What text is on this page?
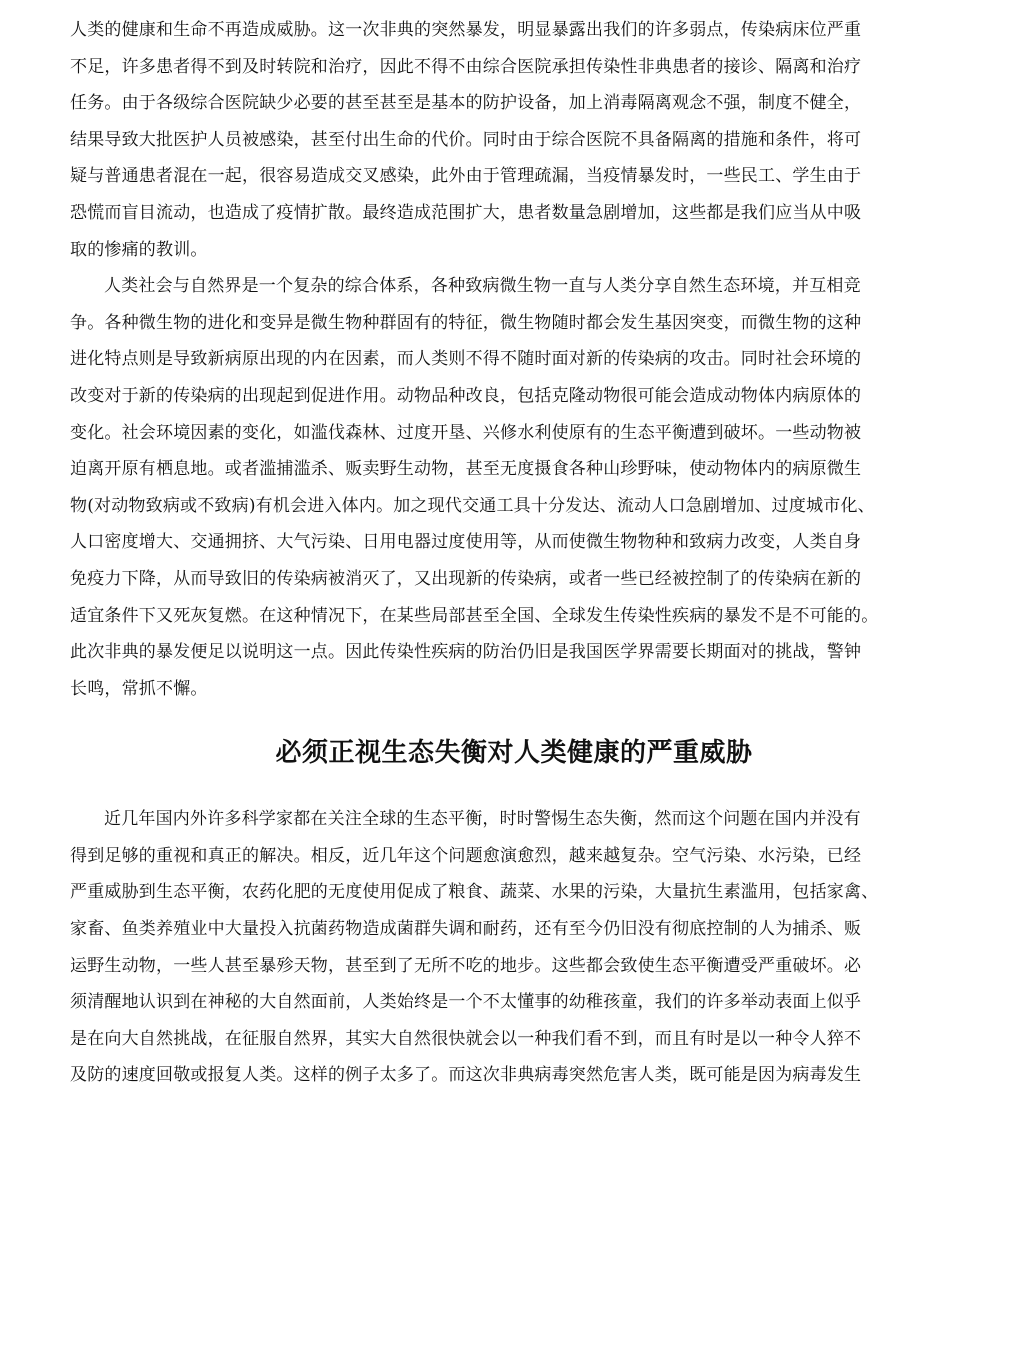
人类的健康和生命不再造成威胁。这一次非典的突然暴发，明显暴露出我们的许多弱点，传染病床位严重
不足，许多患者得不到及时转院和治疗，因此不得不由综合医院承担传染性非典患者的接诊、隔离和治疗
任务。由于各级综合医院缺少必要的甚至甚至是基本的防护设备，加上消毒隔离观念不强，制度不健全，
结果导致大批医护人员被感染，甚至付出生命的代价。同时由于综合医院不具备隔离的措施和条件，将可
疑与普通患者混在一起，很容易造成交叉感染，此外由于管理疏漏，当疫情暴发时，一些民工、学生由于
恐慌而盲目流动，也造成了疫情扩散。最终造成范围扩大，患者数量急剧增加，这些都是我们应当从中吸
取的惨痛的教训。
人类社会与自然界是一个复杂的综合体系，各种致病微生物一直与人类分享自然生态环境，并互相竞
争。各种微生物的进化和变异是微生物种群固有的特征，微生物随时都会发生基因突变，而微生物的这种
进化特点则是导致新病原出现的内在因素，而人类则不得不随时面对新的传染病的攻击。同时社会环境的
改变对于新的传染病的出现起到促进作用。动物品种改良，包括克隆动物很可能会造成动物体内病原体的
变化。社会环境因素的变化，如滥伐森林、过度开垦、兴修水利使原有的生态平衡遭到破坏。一些动物被
迫离开原有栖息地。或者滥捕滥杀、贩卖野生动物，甚至无度摄食各种山珍野味，使动物体内的病原微生
物(对动物致病或不致病)有机会进入体内。加之现代交通工具十分发达、流动人口急剧增加、过度城市化、
人口密度增大、交通拥挤、大气污染、日用电器过度使用等，从而使微生物物种和致病力改变，人类自身
免疫力下降，从而导致旧的传染病被消灭了，又出现新的传染病，或者一些已经被控制了的传染病在新的
适宜条件下又死灰复燃。在这种情况下，在某些局部甚至全国、全球发生传染性疾病的暴发不是不可能的。
此次非典的暴发便足以说明这一点。因此传染性疾病的防治仍旧是我国医学界需要长期面对的挑战，警钟
长鸣，常抓不懈。
必须正视生态失衡对人类健康的严重威胁
近几年国内外许多科学家都在关注全球的生态平衡，时时警惕生态失衡，然而这个问题在国内并没有
得到足够的重视和真正的解决。相反，近几年这个问题愈演愈烈，越来越复杂。空气污染、水污染，已经
严重威胁到生态平衡，农药化肥的无度使用促成了粮食、蔬菜、水果的污染，大量抗生素滥用，包括家禽、
家畜、鱼类养殖业中大量投入抗菌药物造成菌群失调和耐药，还有至今仍旧没有彻底控制的人为捕杀、贩
运野生动物，一些人甚至暴殄天物，甚至到了无所不吃的地步。这些都会致使生态平衡遭受严重破坏。必
须清醒地认识到在神秘的大自然面前，人类始终是一个不太懂事的幼稚孩童，我们的许多举动表面上似乎
是在向大自然挑战，在征服自然界，其实大自然很快就会以一种我们看不到，而且有时是以一种令人猝不
及防的速度回敬或报复人类。这样的例子太多了。而这次非典病毒突然危害人类，既可能是因为病毒发生
